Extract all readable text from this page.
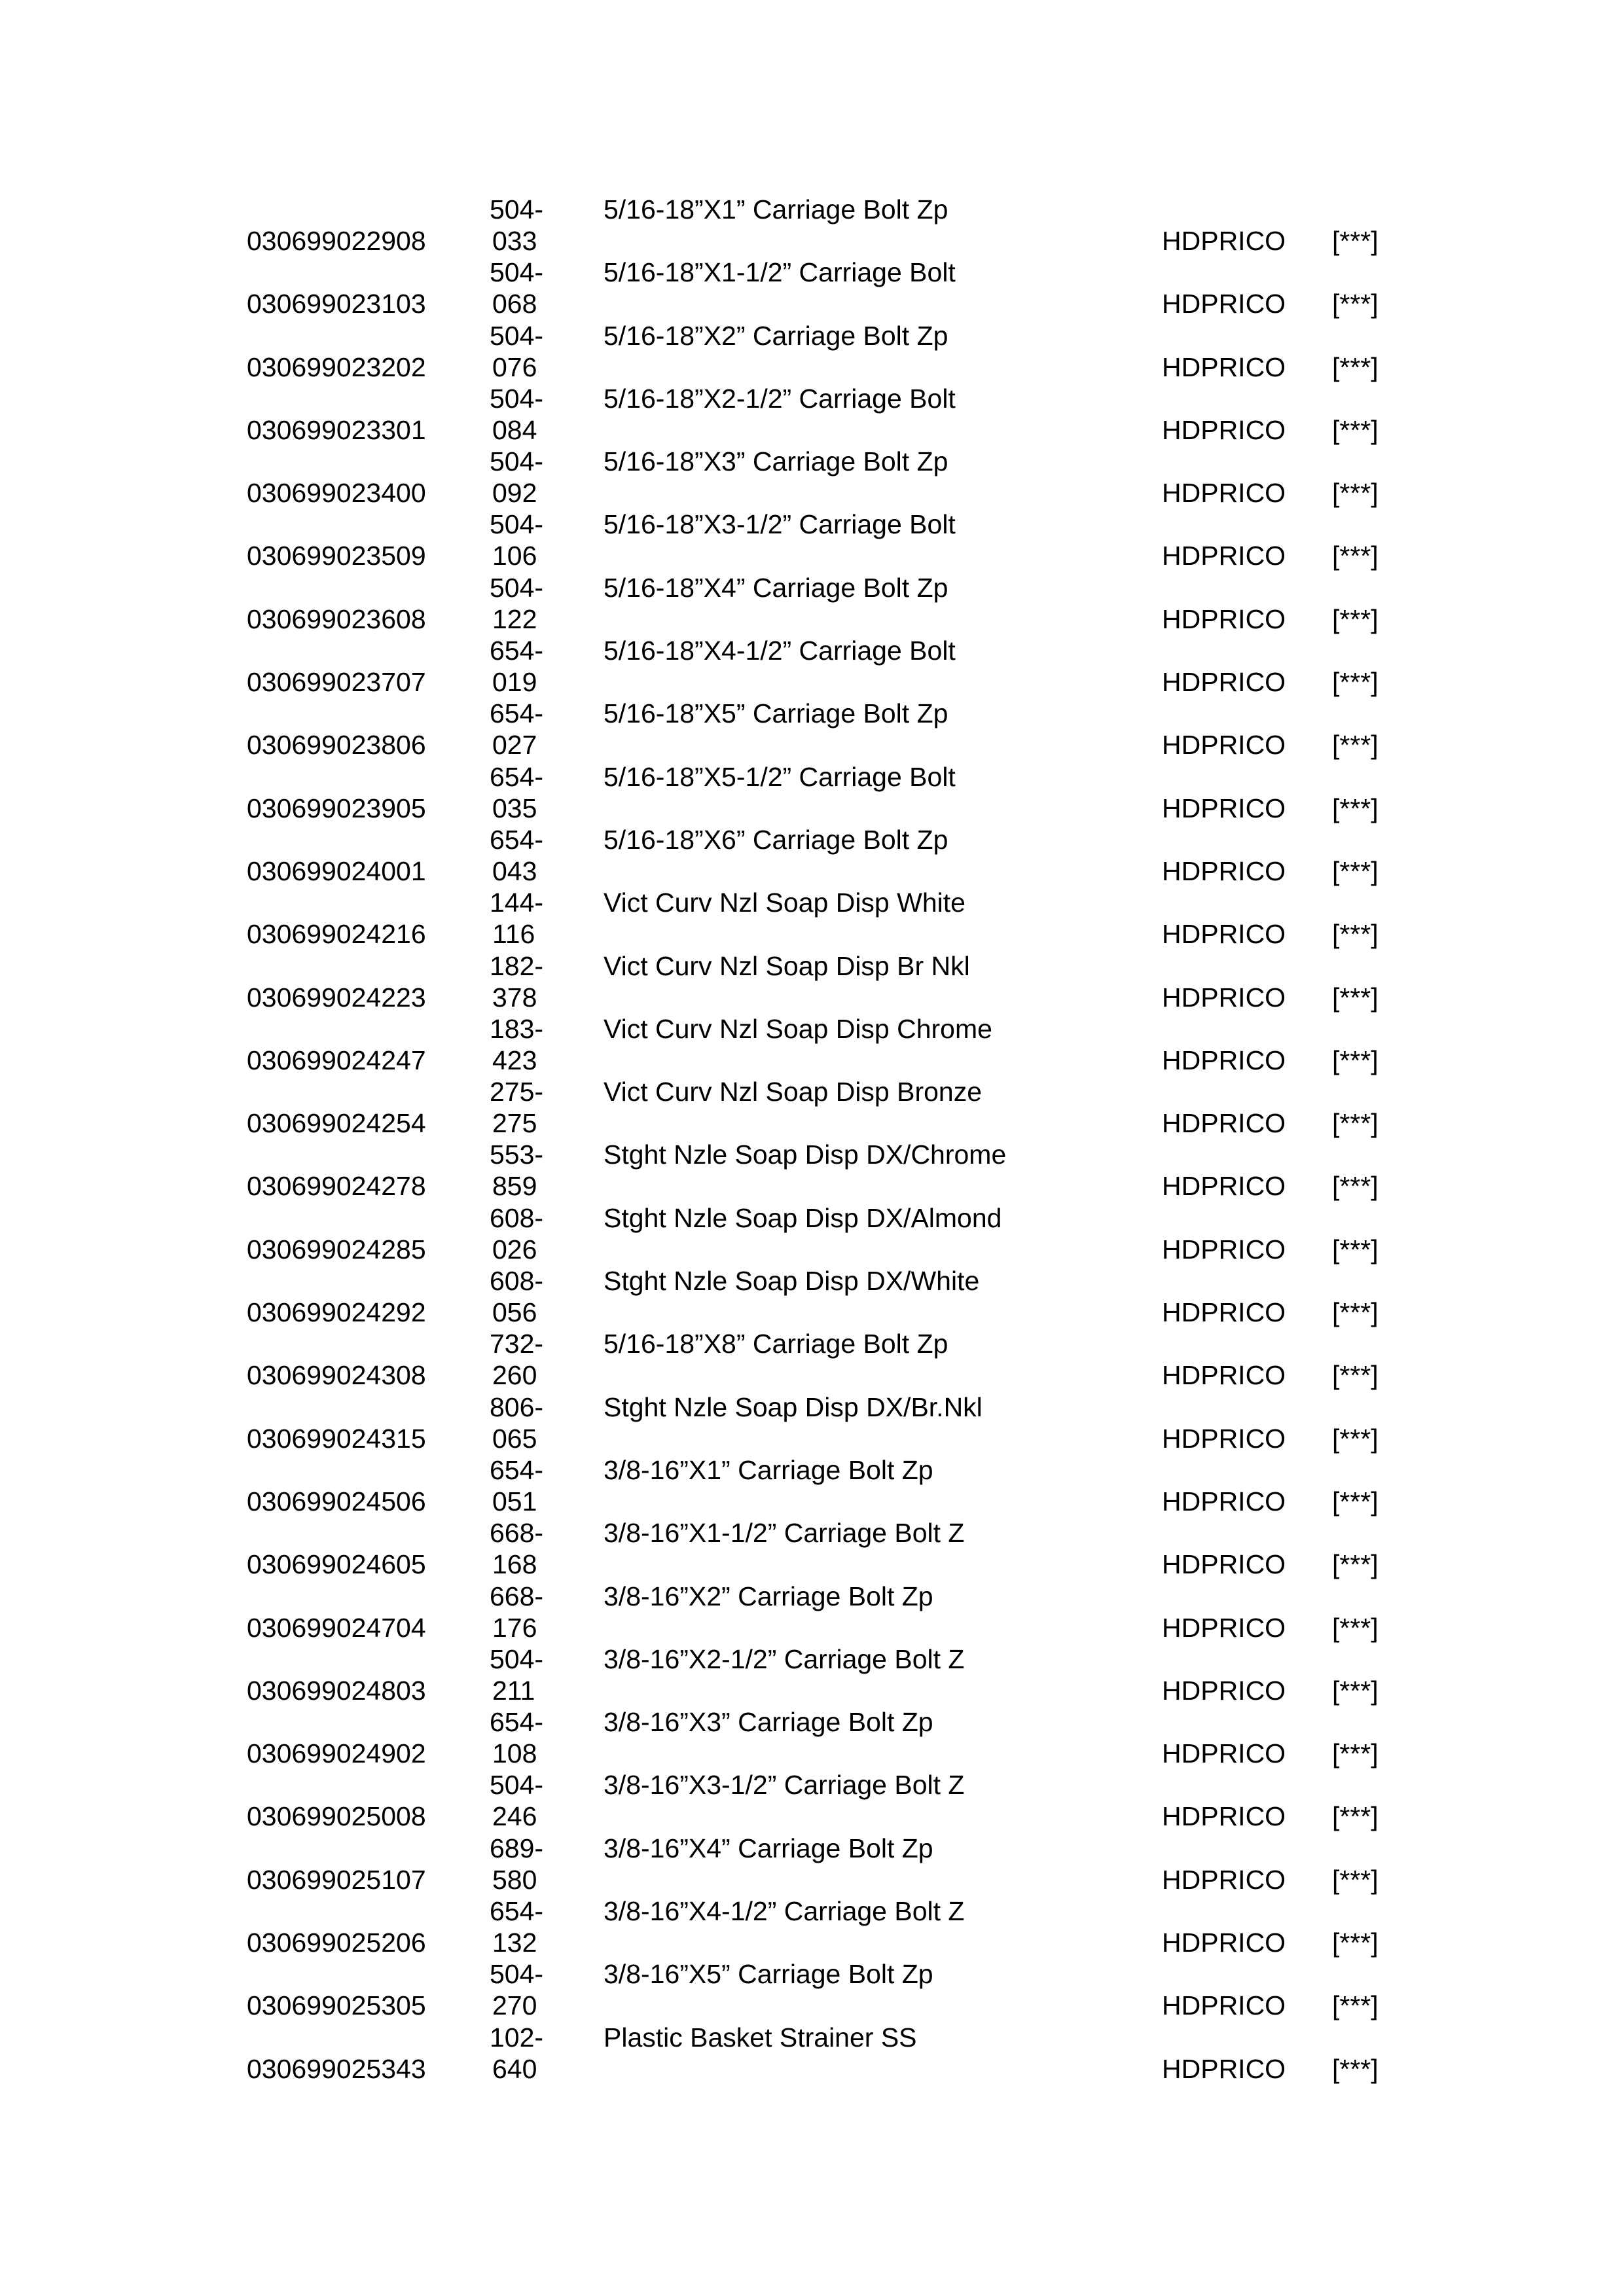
030699022908
504-
033
5/16-18”X1” Carriage Bolt Zp
HDPRICO [***]
030699023103
504-
068
5/16-18”X1-1/2” Carriage Bolt
HDPRICO [***]
030699023202
504-
076
5/16-18”X2” Carriage Bolt Zp
HDPRICO [***]
030699023301
504-
084
5/16-18”X2-1/2” Carriage Bolt
HDPRICO [***]
030699023400
504-
092
5/16-18”X3” Carriage Bolt Zp
HDPRICO [***]
030699023509
504-
106
5/16-18”X3-1/2” Carriage Bolt
HDPRICO [***]
030699023608
504-
122
5/16-18”X4” Carriage Bolt Zp
HDPRICO [***]
030699023707
654-
019
5/16-18”X4-1/2” Carriage Bolt
HDPRICO [***]
030699023806
654-
027
5/16-18”X5” Carriage Bolt Zp
HDPRICO [***]
030699023905
654-
035
5/16-18”X5-1/2” Carriage Bolt
HDPRICO [***]
030699024001
654-
043
5/16-18”X6” Carriage Bolt Zp
HDPRICO [***]
030699024216
144-
116
Vict Curv Nzl Soap Disp White
HDPRICO [***]
030699024223
182-
378
Vict Curv Nzl Soap Disp Br Nkl
HDPRICO [***]
030699024247
183-
423
Vict Curv Nzl Soap Disp Chrome
HDPRICO [***]
030699024254
275-
275
Vict Curv Nzl Soap Disp Bronze
HDPRICO [***]
030699024278
553-
859
Stght Nzle Soap Disp DX/Chrome
HDPRICO [***]
030699024285
608-
026
Stght Nzle Soap Disp DX/Almond
HDPRICO [***]
030699024292
608-
056
Stght Nzle Soap Disp DX/White
HDPRICO [***]
030699024308
732-
260
5/16-18”X8” Carriage Bolt Zp
HDPRICO [***]
030699024315
806-
065
Stght Nzle Soap Disp DX/Br.Nkl
HDPRICO [***]
030699024506
654-
051
3/8-16”X1” Carriage Bolt Zp
HDPRICO [***]
030699024605
668-
168
3/8-16”X1-1/2” Carriage Bolt Z
HDPRICO [***]
030699024704
668-
176
3/8-16”X2” Carriage Bolt Zp
HDPRICO [***]
030699024803
504-
211
3/8-16”X2-1/2” Carriage Bolt Z
HDPRICO [***]
030699024902
654-
108
3/8-16”X3” Carriage Bolt Zp
HDPRICO [***]
030699025008
504-
246
3/8-16”X3-1/2” Carriage Bolt Z
HDPRICO [***]
030699025107
689-
580
3/8-16”X4” Carriage Bolt Zp
HDPRICO [***]
030699025206
654-
132
3/8-16”X4-1/2” Carriage Bolt Z
HDPRICO [***]
030699025305
504-
270
3/8-16”X5” Carriage Bolt Zp
HDPRICO [***]
030699025343
102-
640
Plastic Basket Strainer SS
HDPRICO [***]
